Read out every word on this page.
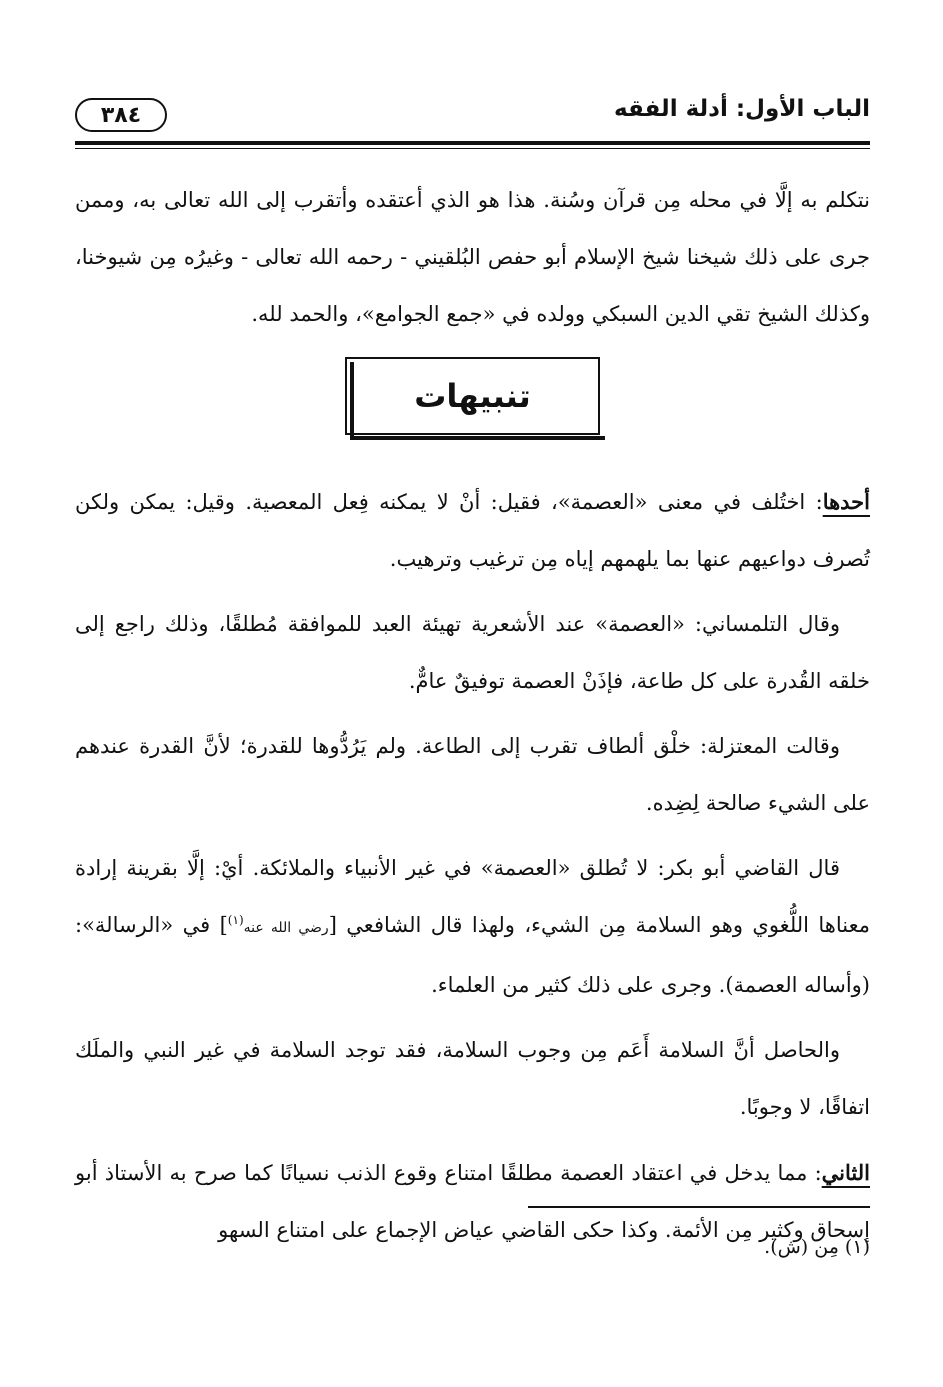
٣٨٤	الباب الأول: أدلة الفقه

نتكلم به إلَّا في محله مِن قرآن وسُنة. هذا هو الذي أعتقده وأتقرب إلى الله تعالى به، وممن جرى على ذلك شيخنا شيخ الإسلام أبو حفص البُلقيني - رحمه الله تعالى - وغيرُه مِن شيوخنا، وكذلك الشيخ تقي الدين السبكي وولده في «جمع الجوامع»، والحمد لله.

تنبيهات

أحدها: اختُلف في معنى «العصمة»، فقيل: أنْ لا يمكنه فِعل المعصية. وقيل: يمكن ولكن تُصرف دواعيهم عنها بما يلهمهم إياه مِن ترغيب وترهيب.

وقال التلمساني: «العصمة» عند الأشعرية تهيئة العبد للموافقة مُطلقًا، وذلك راجع إلى خلقه القُدرة على كل طاعة، فإذَنْ العصمة توفيقٌ عامٌّ.

وقالت المعتزلة: خلْق ألطاف تقرب إلى الطاعة. ولم يَرُدُّوها للقدرة؛ لأنَّ القدرة عندهم على الشيء صالحة لِضِده.

قال القاضي أبو بكر: لا تُطلق «العصمة» في غير الأنبياء والملائكة. أيْ: إلَّا بقرينة إرادة معناها اللُّغوي وهو السلامة مِن الشيء، ولهذا قال الشافعي [رضي الله عنه$^{(١)}$] في «الرسالة»: (وأساله العصمة). وجرى على ذلك كثير من العلماء.

والحاصل أنَّ السلامة أَعَم مِن وجوب السلامة، فقد توجد السلامة في غير النبي والملَك اتفاقًا، لا وجوبًا.

الثاني: مما يدخل في اعتقاد العصمة مطلقًا امتناع وقوع الذنب نسيانًا كما صرح به الأستاذ أبو إسحاق وكثير مِن الأئمة. وكذا حكى القاضي عياض الإجماع على امتناع السهو

(١) مِن (ش).
